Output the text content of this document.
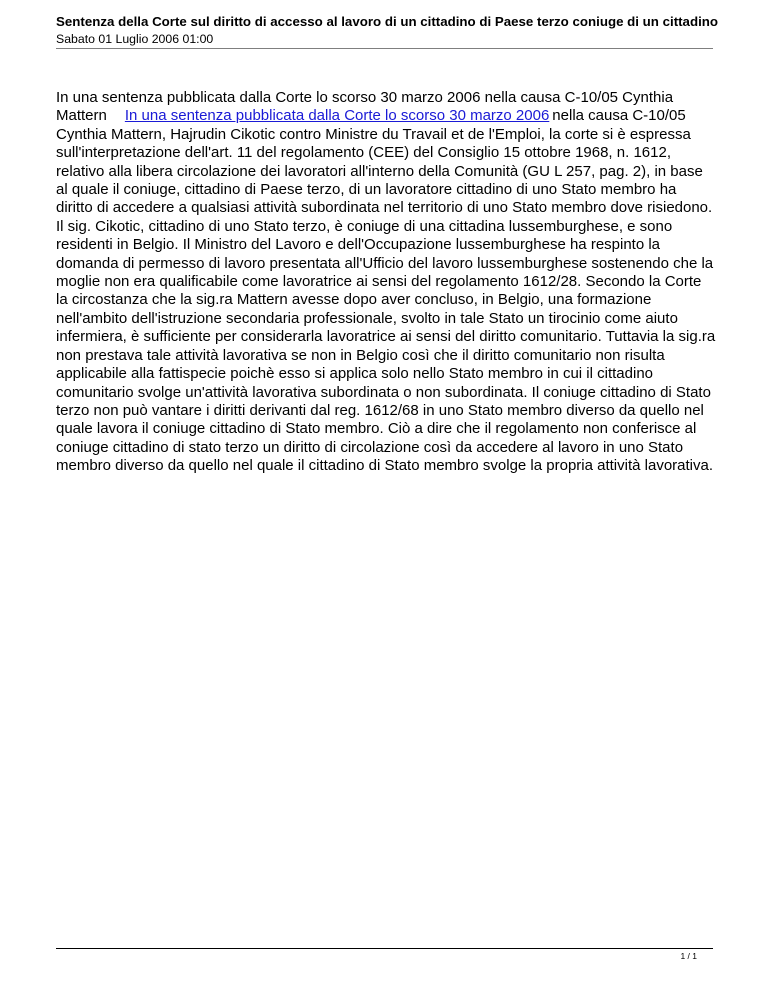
Sentenza della Corte sul diritto di accesso al lavoro di un cittadino di Paese terzo coniuge di un cittadino
Sabato 01 Luglio 2006 01:00

In una sentenza pubblicata dalla Corte lo scorso 30 marzo 2006 nella causa C-10/05 Cynthia Mattern In una sentenza pubblicata dalla Corte lo scorso 30 marzo 2006 nella causa C-10/05 Cynthia Mattern, Hajrudin Cikotic contro Ministre du Travail et de l'Emploi, la corte si è espressa sull'interpretazione dell'art. 11 del regolamento (CEE) del Consiglio 15 ottobre 1968, n. 1612, relativo alla libera circolazione dei lavoratori all'interno della Comunità (GU L 257, pag. 2), in base al quale il coniuge, cittadino di Paese terzo, di un lavoratore cittadino di uno Stato membro ha diritto di accedere a qualsiasi attività subordinata nel territorio di uno Stato membro dove risiedono. Il sig. Cikotic, cittadino di uno Stato terzo, è coniuge di una cittadina lussemburghese, e sono residenti in Belgio. Il Ministro del Lavoro e dell'Occupazione lussemburghese ha respinto la domanda di permesso di lavoro presentata all'Ufficio del lavoro lussemburghese sostenendo che la moglie non era qualificabile come lavoratrice ai sensi del regolamento 1612/28. Secondo la Corte la circostanza che la sig.ra Mattern avesse dopo aver concluso, in Belgio, una formazione nell'ambito dell'istruzione secondaria professionale, svolto in tale Stato un tirocinio come aiuto infermiera, è sufficiente per considerarla lavoratrice ai sensi del diritto comunitario. Tuttavia la sig.ra non prestava tale attività lavorativa se non in Belgio così che il diritto comunitario non risulta applicabile alla fattispecie poichè esso si applica solo nello Stato membro in cui il cittadino comunitario svolge un'attività lavorativa subordinata o non subordinata. Il coniuge cittadino di Stato terzo non può vantare i diritti derivanti dal reg. 1612/68 in uno Stato membro diverso da quello nel quale lavora il coniuge cittadino di Stato membro. Ciò a dire che il regolamento non conferisce al coniuge cittadino di stato terzo un diritto di circolazione così da accedere al lavoro in uno Stato membro diverso da quello nel quale il cittadino di Stato membro svolge la propria attività lavorativa.

1 / 1
